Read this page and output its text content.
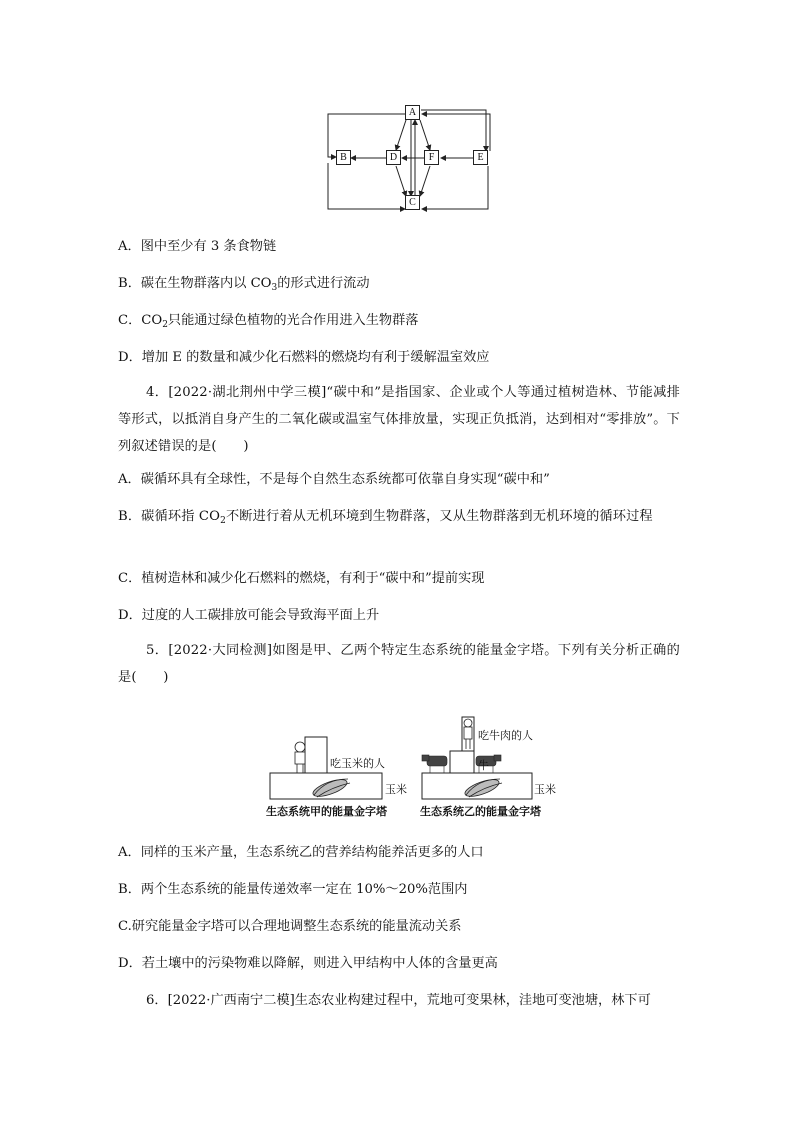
A
B	D	F	E
C
A．图中至少有 3 条食物链
B．碳在生物群落内以 $CO_3$的形式进行流动
C．$CO_2$只能通过绿色植物的光合作用进入生物群落
D．增加 E 的数量和减少化石燃料的燃烧均有利于缓解温室效应
4．[2022·湖北荆州中学三模]“碳中和”是指国家、企业或个人等通过植树造林、节能减排等形式，以抵消自身产生的二氧化碳或温室气体排放量，实现正负抵消，达到相对“零排放”。下列叙述错误的是(　　)
A．碳循环具有全球性，不是每个自然生态系统都可依靠自身实现“碳中和”
B．碳循环指 $CO_2$不断进行着从无机环境到生物群落，又从生物群落到无机环境的循环过程
C．植树造林和减少化石燃料的燃烧，有利于“碳中和”提前实现
D．过度的人工碳排放可能会导致海平面上升
5．[2022·大同检测]如图是甲、乙两个特定生态系统的能量金字塔。下列有关分析正确的是(　　)
吃玉米的人
玉米
生态系统甲的能量金字塔
吃牛肉的人
牛
玉米
生态系统乙的能量金字塔
A．同样的玉米产量，生态系统乙的营养结构能养活更多的人口
B．两个生态系统的能量传递效率一定在 10%～20%范围内
C.研究能量金字塔可以合理地调整生态系统的能量流动关系
D．若土壤中的污染物难以降解，则进入甲结构中人体的含量更高
6．[2022·广西南宁二模]生态农业构建过程中，荒地可变果林，洼地可变池塘，林下可
